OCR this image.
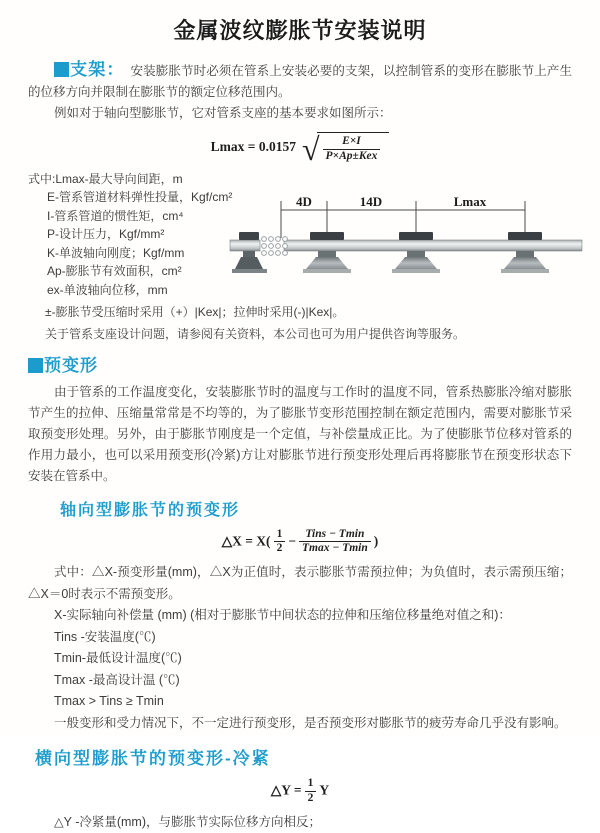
金属波纹膨胀节安装说明

支架： 安装膨胀节时必须在管系上安装必要的支架，以控制管系的变形在膨胀节上产生的位移方向并限制在膨胀节的额定位移范围内。

例如对于轴向型膨胀节，它对管系支座的基本要求如图所示：

Lmax = 0.0157 √ $\frac{E\times I}{\text{P×Ap±Kex}}$
式中:Lmax-最大导向间距，m
E-管系管道材料弹性投量，Kgf/cm²
I-管系管道的惯性矩，cm⁴
P-设计压力，Kgf/mm²
K-单波轴向刚度；Kgf/mm
Ap-膨胀节有效面积，cm²
ex-单波轴向位移，mm
4D	14D	Lmax

±-膨胀节受压缩时采用（+）|Kex|；拉伸时采用(-)|Kex|。

关于管系支座设计问题，请参阅有关资料，本公司也可为用户提供咨询等服务。

预变形

由于管系的工作温度变化，安装膨胀节时的温度与工作时的温度不同，管系热膨胀冷缩对膨胀节产生的拉伸、压缩量常常是不均等的，为了膨胀节变形范围控制在额定范围内，需要对膨胀节采取预变形处理。另外，由于膨胀节刚度是一个定值，与补偿量成正比。为了使膨胀节位移对管系的作用力最小，也可以采用预变形(冷紧)方让对膨胀节进行预变形处理后再将膨胀节在预变形状态下安装在管系中。

轴向型膨胀节的预变形
△X = $X( \frac{1}{2} - \frac{\text{Tins − Tmin}}{Tmax - Tmin}$ )

式中：△X-预变形量(mm)，△X为正值时，表示膨胀节需预拉伸；为负值时，表示需预压缩；△X＝0时表示不需预变形。

X-实际轴向补偿量 (mm) (相对于膨胀节中间状态的拉伸和压缩位移量绝对值之和)：

Tins -安装温度(℃)

Tmin-最低设计温度(℃)

Tmax -最高设计温 (℃)

Tmax > Tins ≥ Tmin

一般变形和受力情况下，不一定进行预变形，是否预变形对膨胀节的疲劳寿命几乎没有影响。

横向型膨胀节的预变形-冷紧
△Y = $\frac{1}{2}$ Y

△Y -冷紧量(mm)，与膨胀节实际位移方向相反；
